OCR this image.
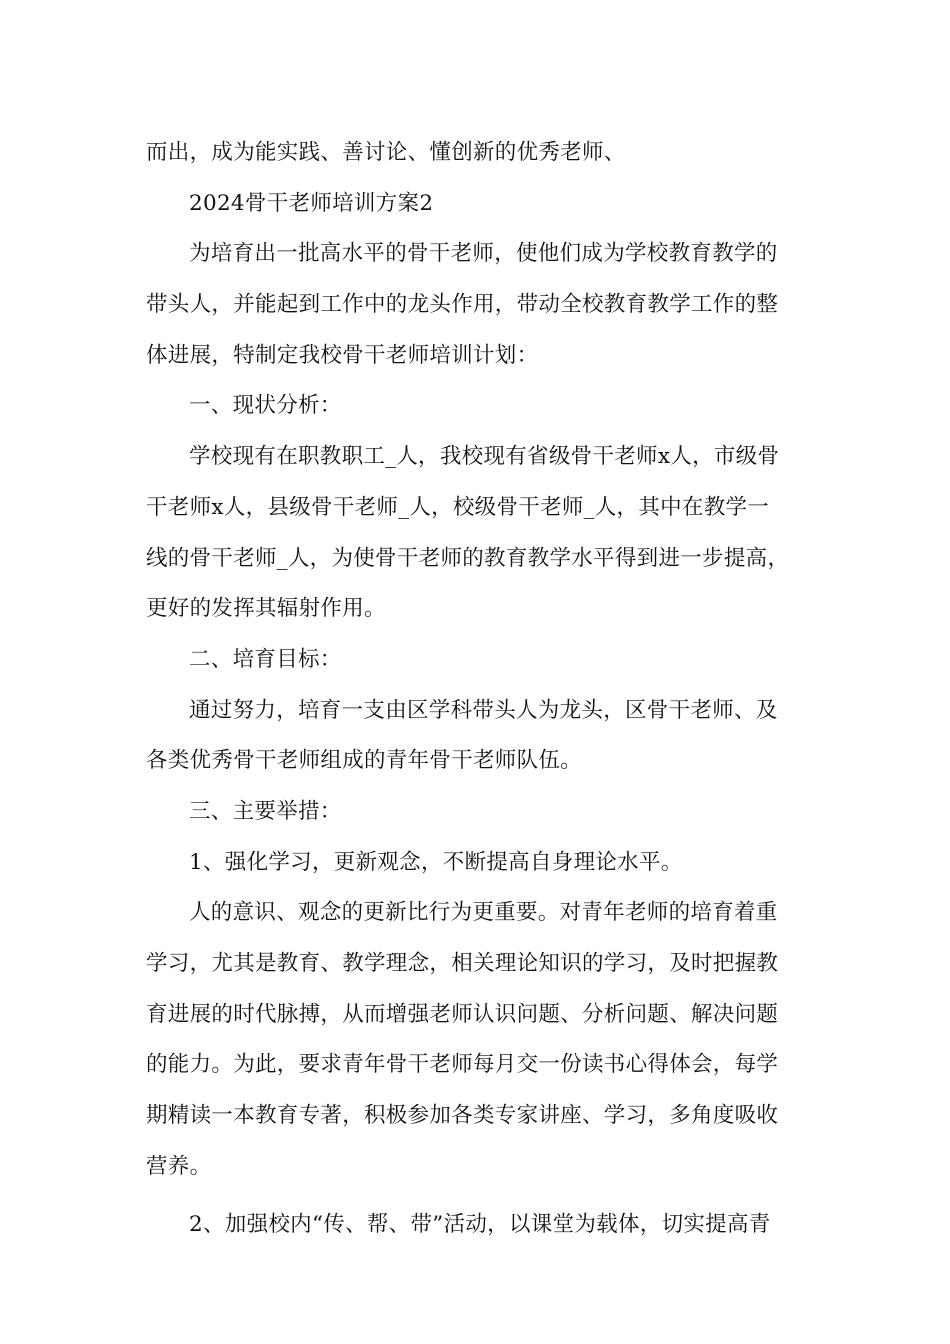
而出，成为能实践、善讨论、懂创新的优秀老师、
2024骨干老师培训方案2
为培育出一批高水平的骨干老师，使他们成为学校教育教学的
带头人，并能起到工作中的龙头作用，带动全校教育教学工作的整
体进展，特制定我校骨干老师培训计划：
一、现状分析：
学校现有在职教职工_人，我校现有省级骨干老师x人，市级骨
干老师x人，县级骨干老师_人，校级骨干老师_人，其中在教学一
线的骨干老师_人，为使骨干老师的教育教学水平得到进一步提高，
更好的发挥其辐射作用。
二、培育目标：
通过努力，培育一支由区学科带头人为龙头，区骨干老师、及
各类优秀骨干老师组成的青年骨干老师队伍。
三、主要举措：
1、强化学习，更新观念，不断提高自身理论水平。
人的意识、观念的更新比行为更重要。对青年老师的培育着重
学习，尤其是教育、教学理念，相关理论知识的学习，及时把握教
育进展的时代脉搏，从而增强老师认识问题、分析问题、解决问题
的能力。为此，要求青年骨干老师每月交一份读书心得体会，每学
期精读一本教育专著，积极参加各类专家讲座、学习，多角度吸收
营养。
2、加强校内“传、帮、带”活动，以课堂为载体，切实提高青
